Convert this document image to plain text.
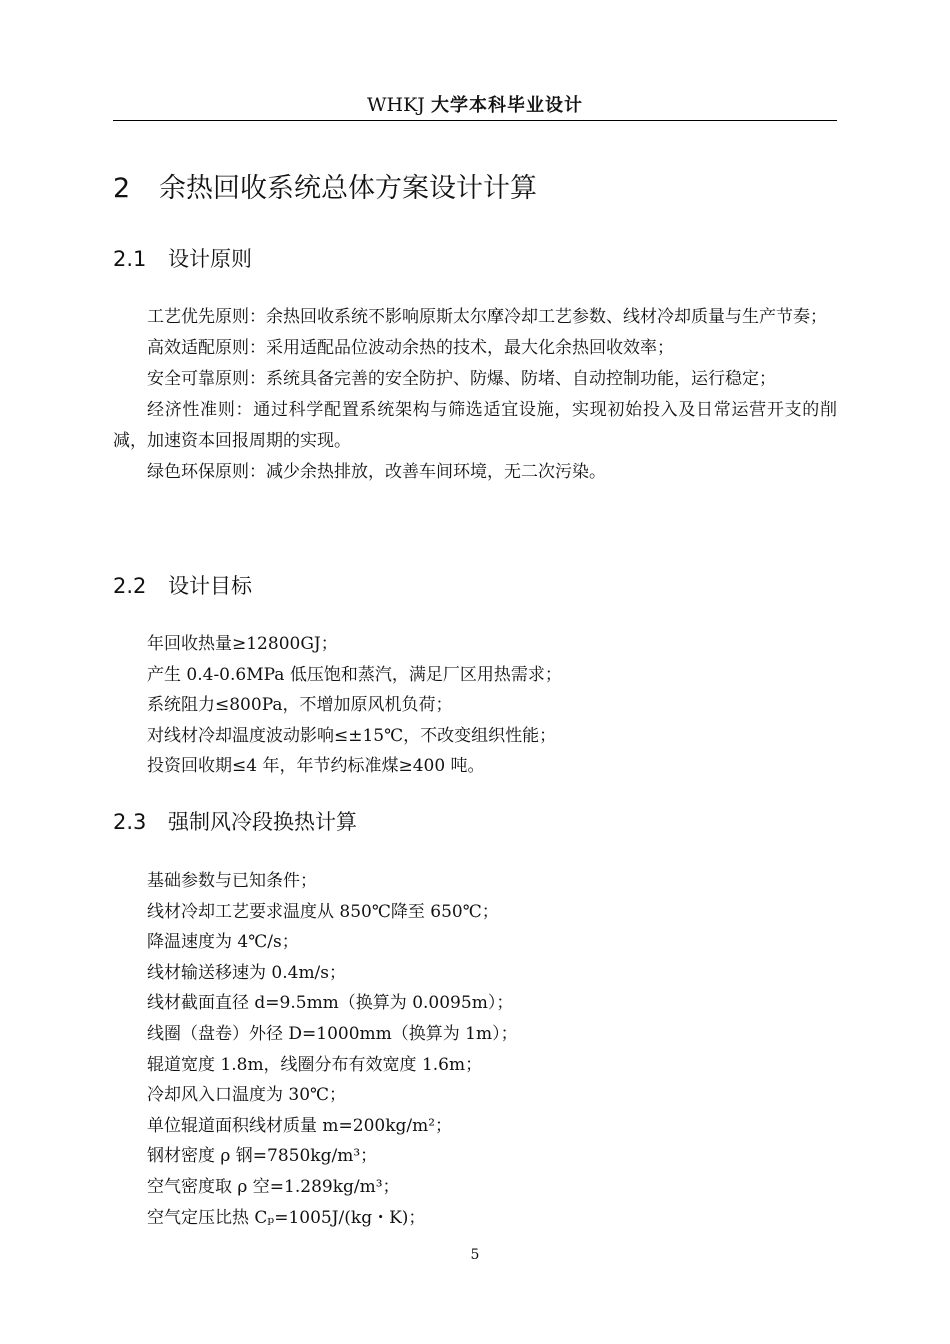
WHKJ 大学本科毕业设计
2 余热回收系统总体方案设计计算
2.1 设计原则

工艺优先原则：余热回收系统不影响原斯太尔摩冷却工艺参数、线材冷却质量与生产节奏；

高效适配原则：采用适配品位波动余热的技术，最大化余热回收效率；

安全可靠原则：系统具备完善的安全防护、防爆、防堵、自动控制功能，运行稳定；

经济性准则：通过科学配置系统架构与筛选适宜设施，实现初始投入及日常运营开支的削减，加速资本回报周期的实现。

绿色环保原则：减少余热排放，改善车间环境，无二次污染。

2.2 设计目标
年回收热量≥12800GJ；
产生 0.4-0.6MPa 低压饱和蒸汽，满足厂区用热需求；
系统阻力≤800Pa，不增加原风机负荷；
对线材冷却温度波动影响≤±15℃，不改变组织性能；
投资回收期≤4 年，年节约标准煤≥400 吨。
2.3 强制风冷段换热计算
基础参数与已知条件；
线材冷却工艺要求温度从 850℃降至 650℃；
降温速度为 4℃/s；
线材输送移速为 0.4m/s；
线材截面直径 d=9.5mm（换算为 0.0095m）；
线圈（盘卷）外径 D=1000mm（换算为 1m）；
辊道宽度 1.8m，线圈分布有效宽度 1.6m；
冷却风入口温度为 30℃；
单位辊道面积线材质量 m=200kg/m²；
钢材密度 ρ 钢=7850kg/m³；
空气密度取 ρ 空=1.289kg/m³；
空气定压比热 Cₚ=1005J/(kg・K)；
5
